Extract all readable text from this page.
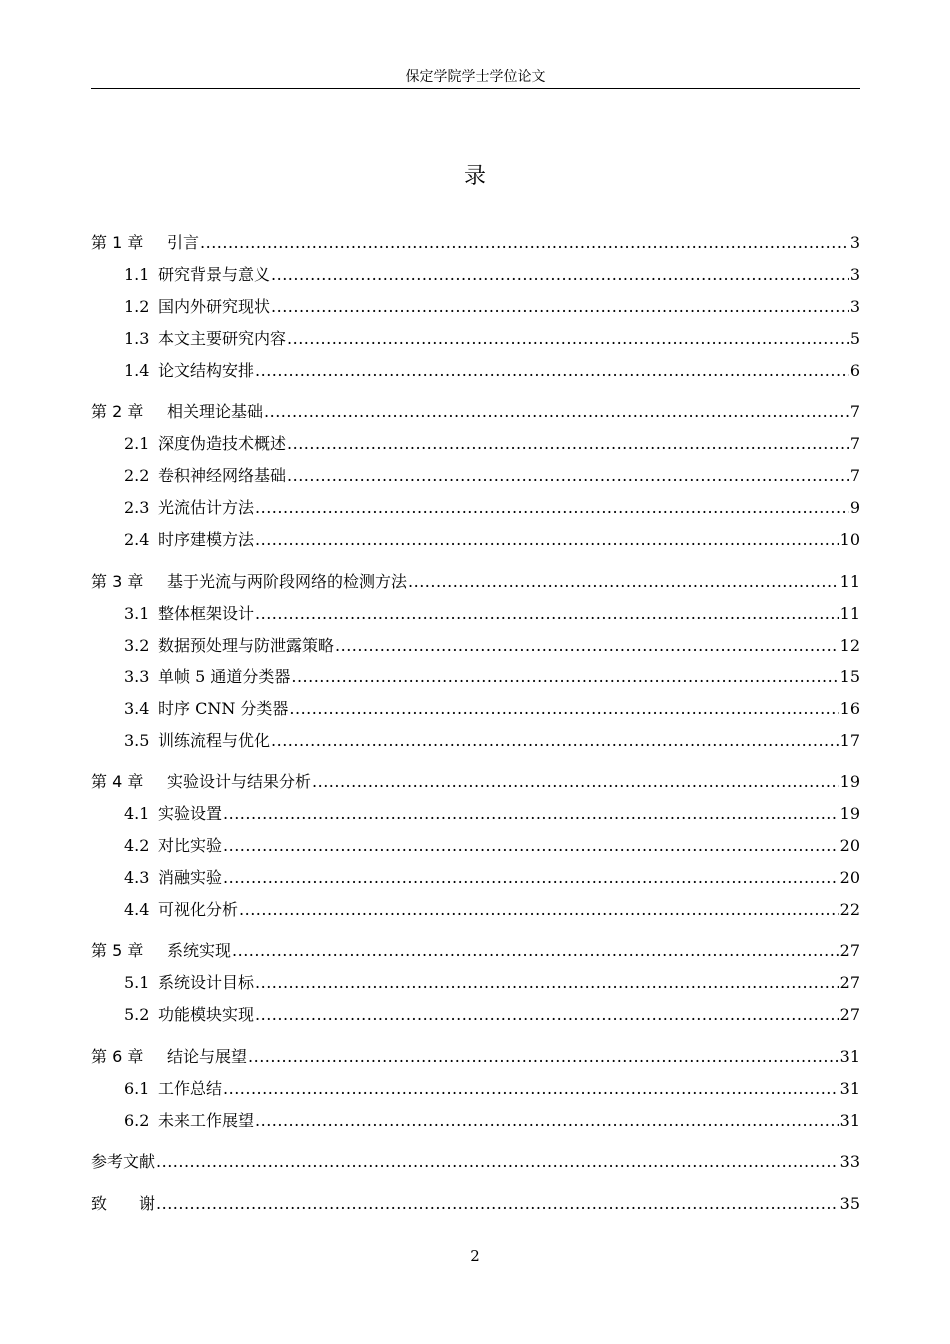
保定学院学士学位论文
录
第 1 章	引言 .....	3
1.1 研究背景与意义 .....	3
1.2 国内外研究现状 .....	3
1.3 本文主要研究内容 .....	5
1.4 论文结构安排 .....	6
第 2 章	相关理论基础 .....	7
2.1 深度伪造技术概述 .....	7
2.2 卷积神经网络基础 .....	7
2.3 光流估计方法 .....	9
2.4 时序建模方法 .....	10
第 3 章	基于光流与两阶段网络的检测方法 .....	11
3.1 整体框架设计 .....	11
3.2 数据预处理与防泄露策略 .....	12
3.3 单帧 5 通道分类器 .....	15
3.4 时序 CNN 分类器 .....	16
3.5 训练流程与优化 .....	17
第 4 章	实验设计与结果分析 .....	19
4.1 实验设置 .....	19
4.2 对比实验 .....	20
4.3 消融实验 .....	20
4.4 可视化分析 .....	22
第 5 章	系统实现 .....	27
5.1 系统设计目标 .....	27
5.2 功能模块实现 .....	27
第 6 章	结论与展望 .....	31
6.1 工作总结 .....	31
6.2 未来工作展望 .....	31
参考文献 .....	33
致　　谢 .....	35
2
